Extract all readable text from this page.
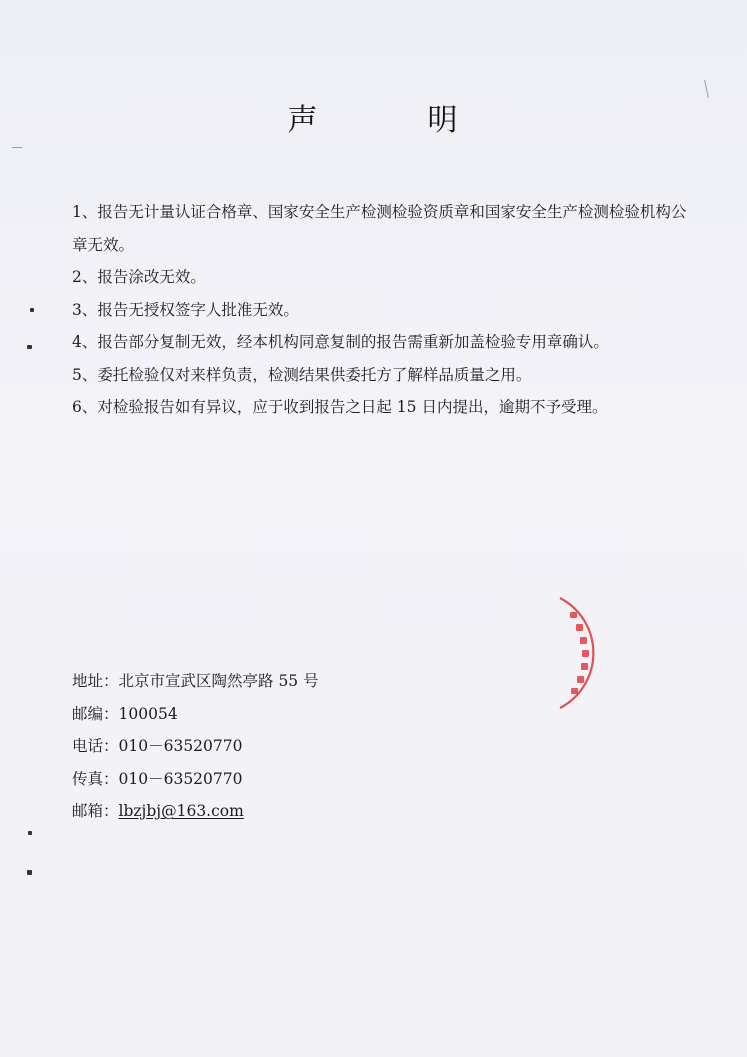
声	明

1、报告无计量认证合格章、国家安全生产检测检验资质章和国家安全生产检测检验机构公章无效。

2、报告涂改无效。

3、报告无授权签字人批准无效。

4、报告部分复制无效，经本机构同意复制的报告需重新加盖检验专用章确认。

5、委托检验仅对来样负责，检测结果供委托方了解样品质量之用。

6、对检验报告如有异议，应于收到报告之日起 15 日内提出，逾期不予受理。

地址：北京市宣武区陶然亭路 55 号
邮编：100054
电话：010－63520770
传真：010－63520770
邮箱：lbzjbj@163.com
